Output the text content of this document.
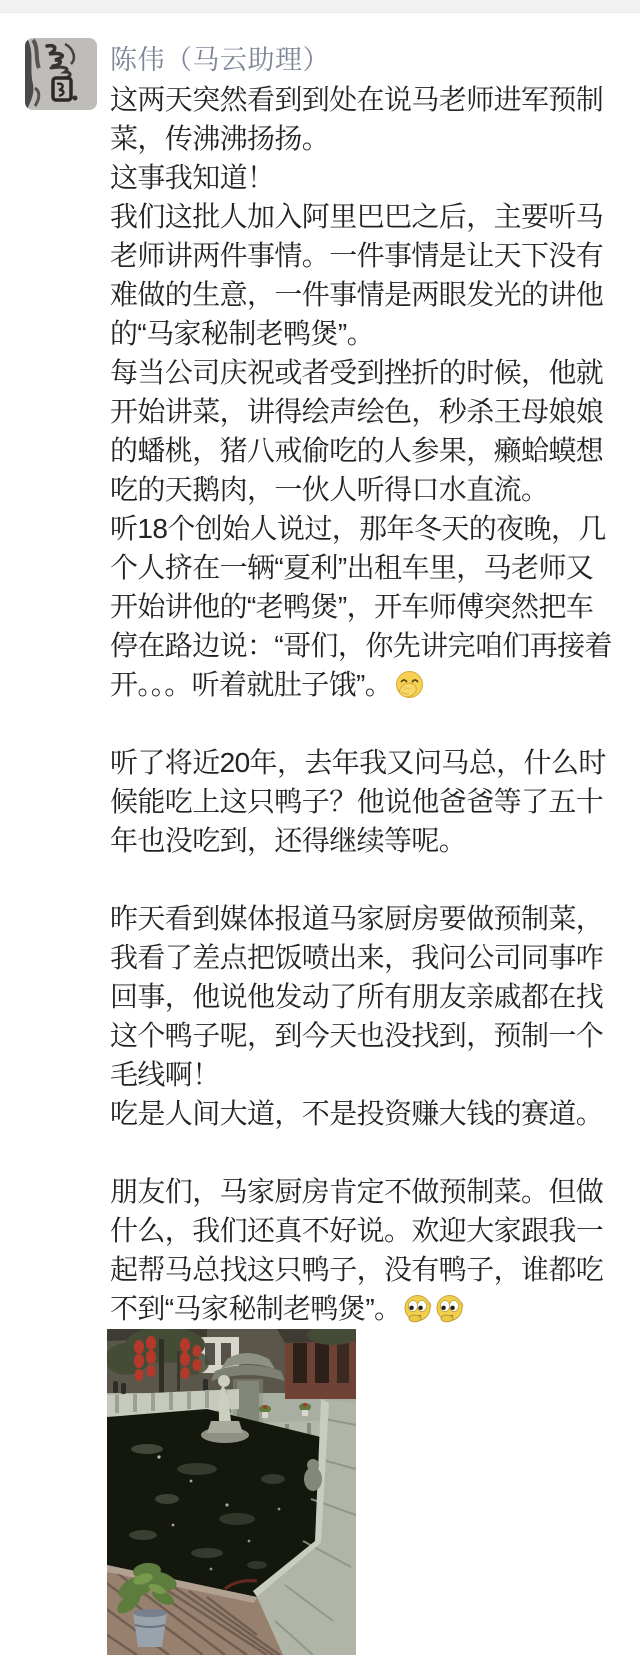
陈伟（马云助理）
这两天突然看到到处在说马老师进军预制
菜，传沸沸扬扬。
这事我知道！
我们这批人加入阿里巴巴之后，主要听马
老师讲两件事情。一件事情是让天下没有
难做的生意，一件事情是两眼发光的讲他
的“马家秘制老鸭煲”。
每当公司庆祝或者受到挫折的时候，他就
开始讲菜，讲得绘声绘色，秒杀王母娘娘
的蟠桃，猪八戒偷吃的人参果，癞蛤蟆想
吃的天鹅肉，一伙人听得口水直流。
听18个创始人说过，那年冬天的夜晚，几
个人挤在一辆“夏利”出租车里，马老师又
开始讲他的“老鸭煲”，开车师傅突然把车
停在路边说：“哥们，你先讲完咱们再接着
开。。。听着就肚子饿”。
听了将近20年，去年我又问马总，什么时
候能吃上这只鸭子？他说他爸爸等了五十
年也没吃到，还得继续等呢。
昨天看到媒体报道马家厨房要做预制菜，
我看了差点把饭喷出来，我问公司同事咋
回事，他说他发动了所有朋友亲戚都在找
这个鸭子呢，到今天也没找到，预制一个
毛线啊！
吃是人间大道，不是投资赚大钱的赛道。
朋友们，马家厨房肯定不做预制菜。但做
什么，我们还真不好说。欢迎大家跟我一
起帮马总找这只鸭子，没有鸭子，谁都吃
不到“马家秘制老鸭煲”。
